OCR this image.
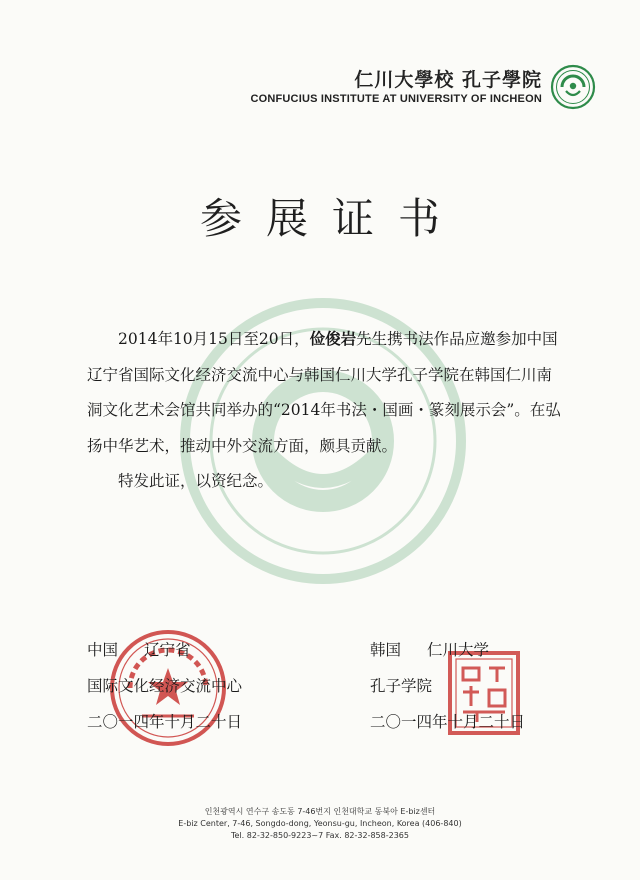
仁川大學校 孔子學院
CONFUCIUS INSTITUTE AT UNIVERSITY OF INCHEON
参展证书

2014年10月15日至20日，俭俊岩先生携书法作品应邀参加中国辽宁省国际文化经济交流中心与韩国仁川大学孔子学院在韩国仁川南洞文化艺术会馆共同举办的“2014年书法・国画・篆刻展示会”。在弘扬中华艺术，推动中外交流方面，颇具贡献。

特发此证，以资纪念。

中国 辽宁省
国际文化经济交流中心
二〇一四年十月二十日
韩国 仁川大学
孔子学院
二〇一四年十月二十日
인천광역시 연수구 송도동 7-46번지 인천대학교 동북아 E-biz센터
E-biz Center, 7-46, Songdo-dong, Yeonsu-gu, Incheon, Korea (406-840)
Tel. 82-32-850-9223~7 Fax. 82-32-858-2365
